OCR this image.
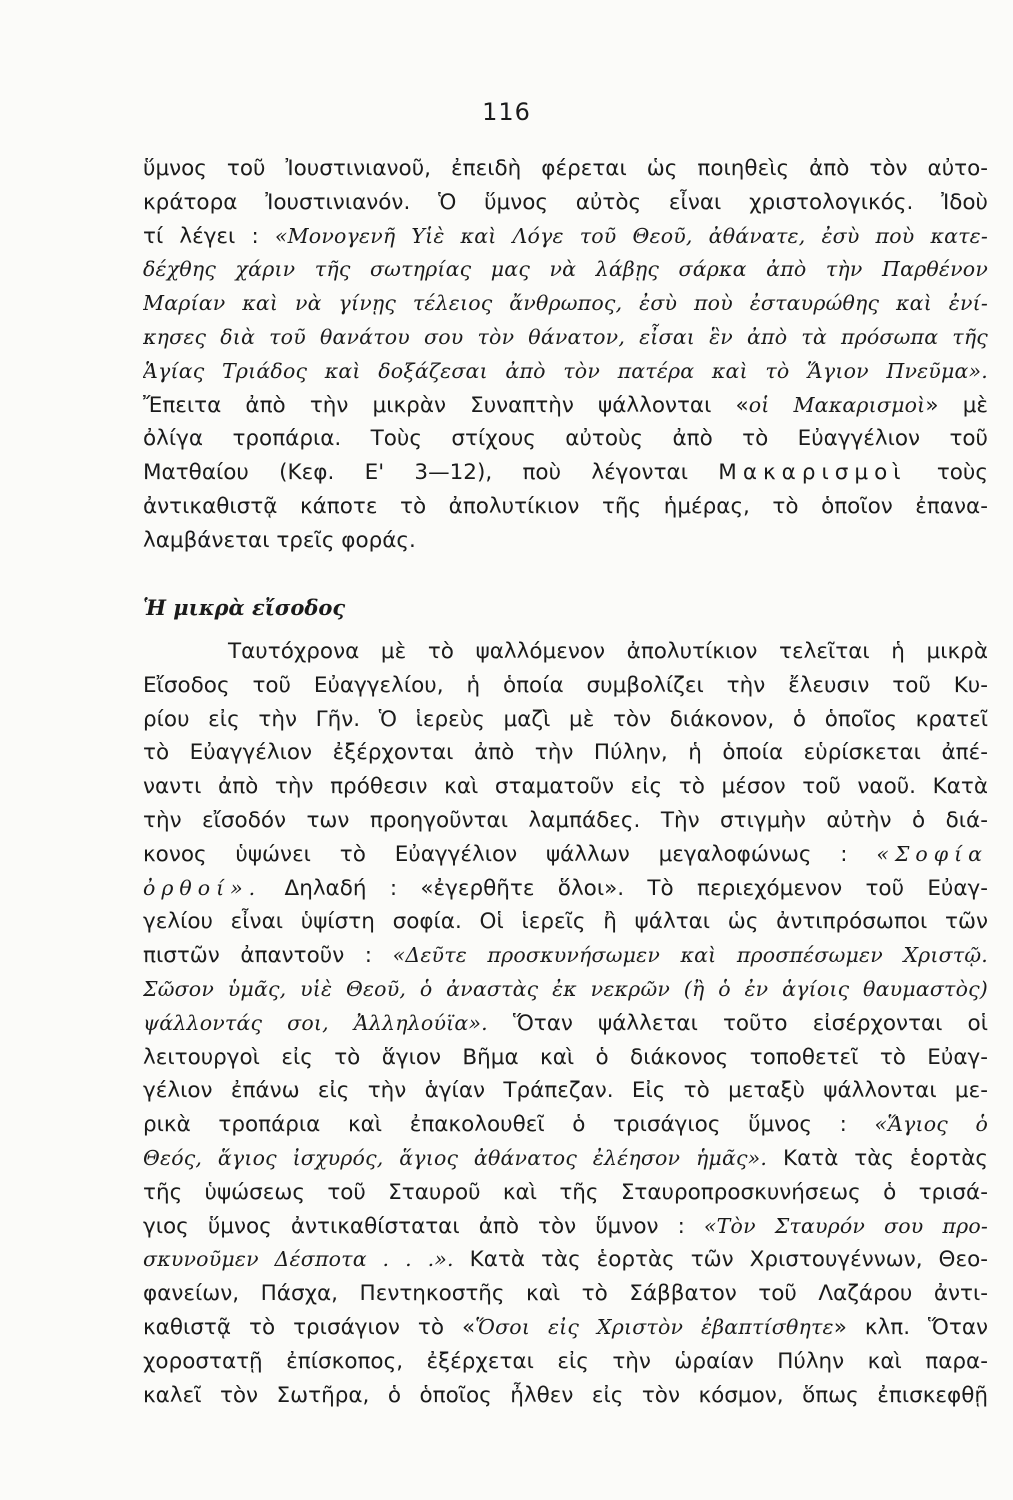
116
ὕμνος τοῦ Ἰουστινιανοῦ, ἐπειδὴ φέρεται ὡς ποιηθεὶς ἀπὸ τὸν αὐτο-
κράτορα Ἰουστινιανόν. Ὁ ὕμνος αὐτὸς εἶναι χριστολογικός. Ἰδοὺ
τί λέγει : «Μονογενῆ Υἱὲ καὶ Λόγε τοῦ Θεοῦ, ἀθάνατε, ἐσὺ ποὺ κατε-
δέχθης χάριν τῆς σωτηρίας μας νὰ λάβῃς σάρκα ἀπὸ τὴν Παρθένον
Μαρίαν καὶ νὰ γίνῃς τέλειος ἄνθρωπος, ἐσὺ ποὺ ἐσταυρώθης καὶ ἐνί-
κησες διὰ τοῦ θανάτου σου τὸν θάνατον, εἶσαι ἓν ἀπὸ τὰ πρόσωπα τῆς
Ἁγίας Τριάδος καὶ δοξάζεσαι ἀπὸ τὸν πατέρα καὶ τὸ Ἅγιον Πνεῦμα».
Ἔπειτα ἀπὸ τὴν μικρὰν Συναπτὴν ψάλλονται «οἱ Μακαρισμοὶ» μὲ
ὀλίγα τροπάρια. Τοὺς στίχους αὐτοὺς ἀπὸ τὸ Εὐαγγέλιον τοῦ
Ματθαίου (Κεφ. Ε' 3—12), ποὺ λέγονται Μακαρισμοὶ τοὺς
ἀντικαθιστᾷ κάποτε τὸ ἀπολυτίκιον τῆς ἡμέρας, τὸ ὁποῖον ἐπανα-
λαμβάνεται τρεῖς φοράς.
Ἡ μικρὰ εἴσοδος
Ταυτόχρονα μὲ τὸ ψαλλόμενον ἀπολυτίκιον τελεῖται ἡ μικρὰ
Εἴσοδος τοῦ Εὐαγγελίου, ἡ ὁποία συμβολίζει τὴν ἔλευσιν τοῦ Κυ-
ρίου εἰς τὴν Γῆν. Ὁ ἱερεὺς μαζὶ μὲ τὸν διάκονον, ὁ ὁποῖος κρατεῖ
τὸ Εὐαγγέλιον ἐξέρχονται ἀπὸ τὴν Πύλην, ἡ ὁποία εὑρίσκεται ἀπέ-
ναντι ἀπὸ τὴν πρόθεσιν καὶ σταματοῦν εἰς τὸ μέσον τοῦ ναοῦ. Κατὰ
τὴν εἴσοδόν των προηγοῦνται λαμπάδες. Τὴν στιγμὴν αὐτὴν ὁ διά-
κονος ὑψώνει τὸ Εὐαγγέλιον ψάλλων μεγαλοφώνως : «Σοφία
ὀρθοί». Δηλαδή : «ἐγερθῆτε ὅλοι». Τὸ περιεχόμενον τοῦ Εὐαγ-
γελίου εἶναι ὑψίστη σοφία. Οἱ ἱερεῖς ἢ ψάλται ὡς ἀντιπρόσωποι τῶν
πιστῶν ἀπαντοῦν : «Δεῦτε προσκυνήσωμεν καὶ προσπέσωμεν Χριστῷ.
Σῶσον ὑμᾶς, υἱὲ Θεοῦ, ὁ ἀναστὰς ἐκ νεκρῶν (ἢ ὁ ἐν ἁγίοις θαυμαστὸς)
ψάλλοντάς σοι, Ἀλληλούϊα». Ὅταν ψάλλεται τοῦτο εἰσέρχονται οἱ
λειτουργοὶ εἰς τὸ ἅγιον Βῆμα καὶ ὁ διάκονος τοποθετεῖ τὸ Εὐαγ-
γέλιον ἐπάνω εἰς τὴν ἁγίαν Τράπεζαν. Εἰς τὸ μεταξὺ ψάλλονται με-
ρικὰ τροπάρια καὶ ἐπακολουθεῖ ὁ τρισάγιος ὕμνος : «Ἅγιος ὁ
Θεός, ἅγιος ἰσχυρός, ἅγιος ἀθάνατος ἐλέησον ἡμᾶς». Κατὰ τὰς ἑορτὰς
τῆς ὑψώσεως τοῦ Σταυροῦ καὶ τῆς Σταυροπροσκυνήσεως ὁ τρισά-
γιος ὕμνος ἀντικαθίσταται ἀπὸ τὸν ὕμνον : «Τὸν Σταυρόν σου προ-
σκυνοῦμεν Δέσποτα . . .». Κατὰ τὰς ἑορτὰς τῶν Χριστουγέννων, Θεο-
φανείων, Πάσχα, Πεντηκοστῆς καὶ τὸ Σάββατον τοῦ Λαζάρου ἀντι-
καθιστᾷ τὸ τρισάγιον τὸ «Ὅσοι εἰς Χριστὸν ἐβαπτίσθητε» κλπ. Ὅταν
χοροστατῇ ἐπίσκοπος, ἐξέρχεται εἰς τὴν ὡραίαν Πύλην καὶ παρα-
καλεῖ τὸν Σωτῆρα, ὁ ὁποῖος ἦλθεν εἰς τὸν κόσμον, ὅπως ἐπισκεφθῇ
